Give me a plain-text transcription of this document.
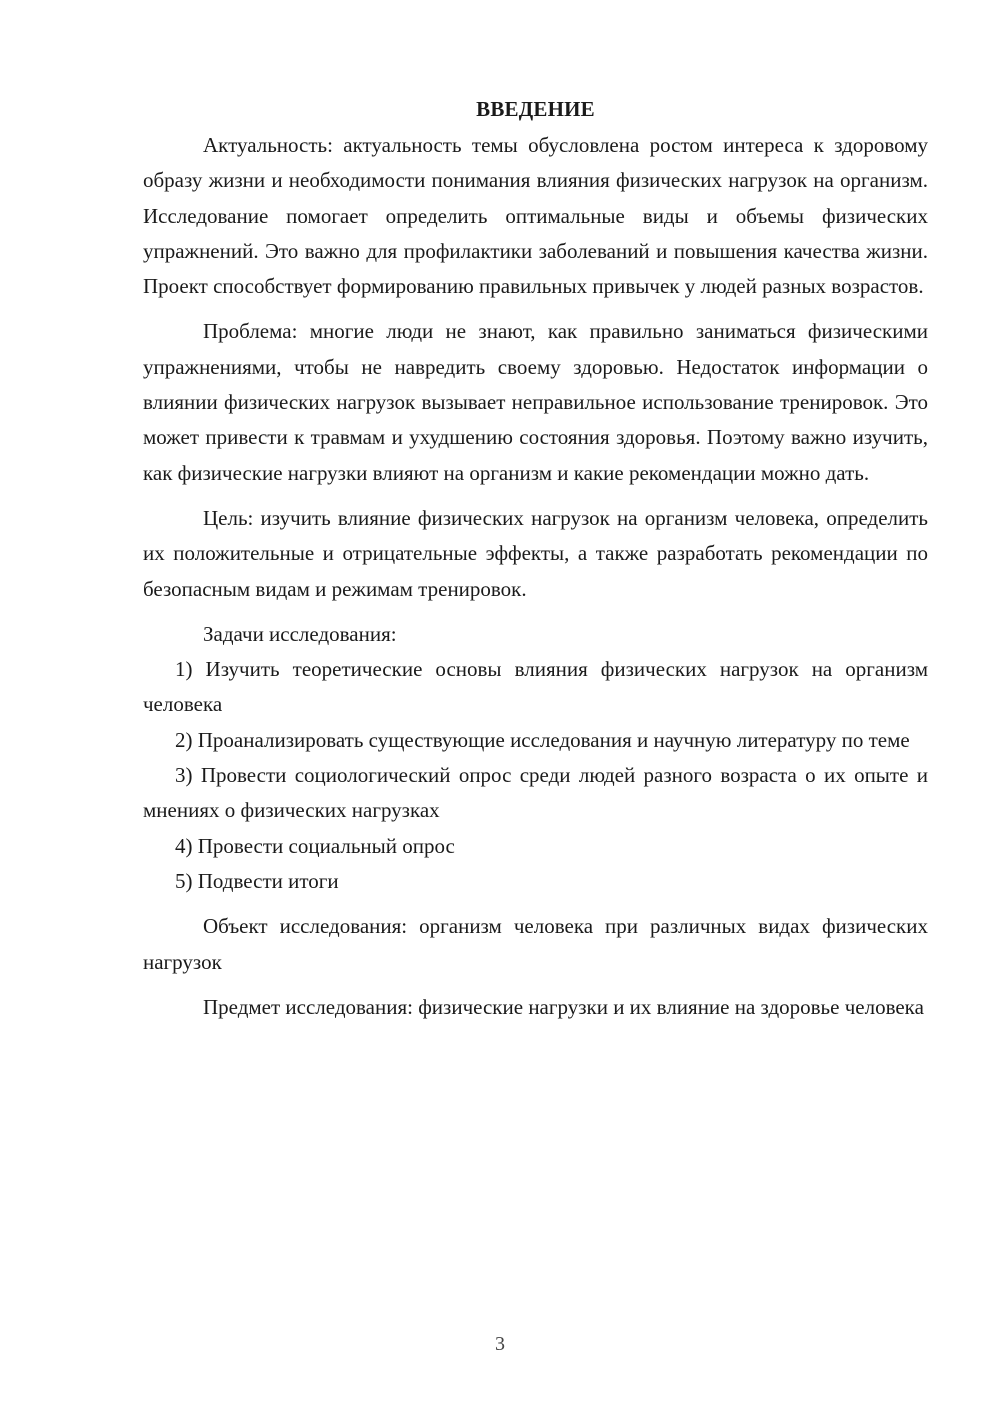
ВВЕДЕНИЕ

Актуальность: актуальность темы обусловлена ростом интереса к здоровому образу жизни и необходимости понимания влияния физических нагрузок на организм. Исследование помогает определить оптимальные виды и объемы физических упражнений. Это важно для профилактики заболеваний и повышения качества жизни. Проект способствует формированию правильных привычек у людей разных возрастов.

Проблема: многие люди не знают, как правильно заниматься физическими упражнениями, чтобы не навредить своему здоровью. Недостаток информации о влиянии физических нагрузок вызывает неправильное использование тренировок. Это может привести к травмам и ухудшению состояния здоровья. Поэтому важно изучить, как физические нагрузки влияют на организм и какие рекомендации можно дать.

Цель: изучить влияние физических нагрузок на организм человека, определить их положительные и отрицательные эффекты, а также разработать рекомендации по безопасным видам и режимам тренировок.

Задачи исследования:

1) Изучить теоретические основы влияния физических нагрузок на организм человека

2) Проанализировать существующие исследования и научную литературу по теме

3) Провести социологический опрос среди людей разного возраста о их опыте и мнениях о физических нагрузках

4) Провести социальный опрос

5) Подвести итоги

Объект исследования: организм человека при различных видах физических нагрузок

Предмет исследования: физические нагрузки и их влияние на здоровье человека

3
